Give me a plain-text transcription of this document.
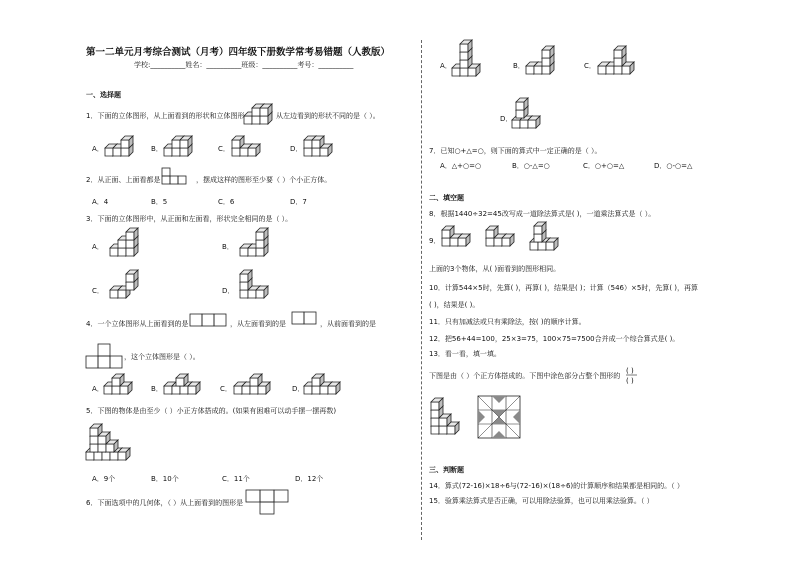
第一二单元月考综合测试（月考）四年级下册数学常考易错题（人教版）
学校:__________姓名：__________班级：__________考号：__________
一、选择题
1．下面的立体图形，从上面看到的形状和立体图形	从左边看到的形状不同的是（ ）。
A．	B．	C．	D．
2．从正面、上面看都是	，摆成这样的图形至少要（ ）个小正方体。
A．4	B．5	C．6	D．7
3．下面的立体图形中，从正面和左面看，形状完全相同的是（ ）。
A．	B．
C．	D．
4．一个立体图形从上面看到的是	，从左面看到的是	，从前面看到的是
，这个立体图形是（ ）。
A．	B．	C．	D．
5．下图的物体是由至少（ ）小正方体搭成的。(如果有困难可以动手摆一摆再数)
A．9个	B．10个	C．11个	D．12个
6．下面选项中的几何体，（ ）从上面看到的图形是
A．	B．	C．
D．
7．已知○+△=○，则下面的算式中一定正确的是（ ）。
A．△+○=○	B．○-△=○	C．○+○=△	D．○-○=△
二、填空题
8．根据1440÷32=45改写成一道除法算式是( )，一道乘法算式是（ ）。
9．
上面的3个物体，从( )面看到的图形相同。
10．计算544×5时，先算( )，再算( )，结果是( )；计算（546）×5时，先算( )，再算
( )，结果是( )。
11．只有加减法或只有乘除法，按( )的顺序计算。
12．把56+44=100，25×3=75，100×75=7500合并成一个综合算式是( )。
13．看一看，填一填。
下图是由（ ）个正方体搭成的。下图中涂色部分占整个图形的
( )
( )
三、判断题
14．算式(72-16)×18÷6与(72-16)×(18÷6)的计算顺序和结果都是相同的。（ ）
15．验算乘法算式是否正确，可以用除法验算，也可以用乘法验算。（ ）
